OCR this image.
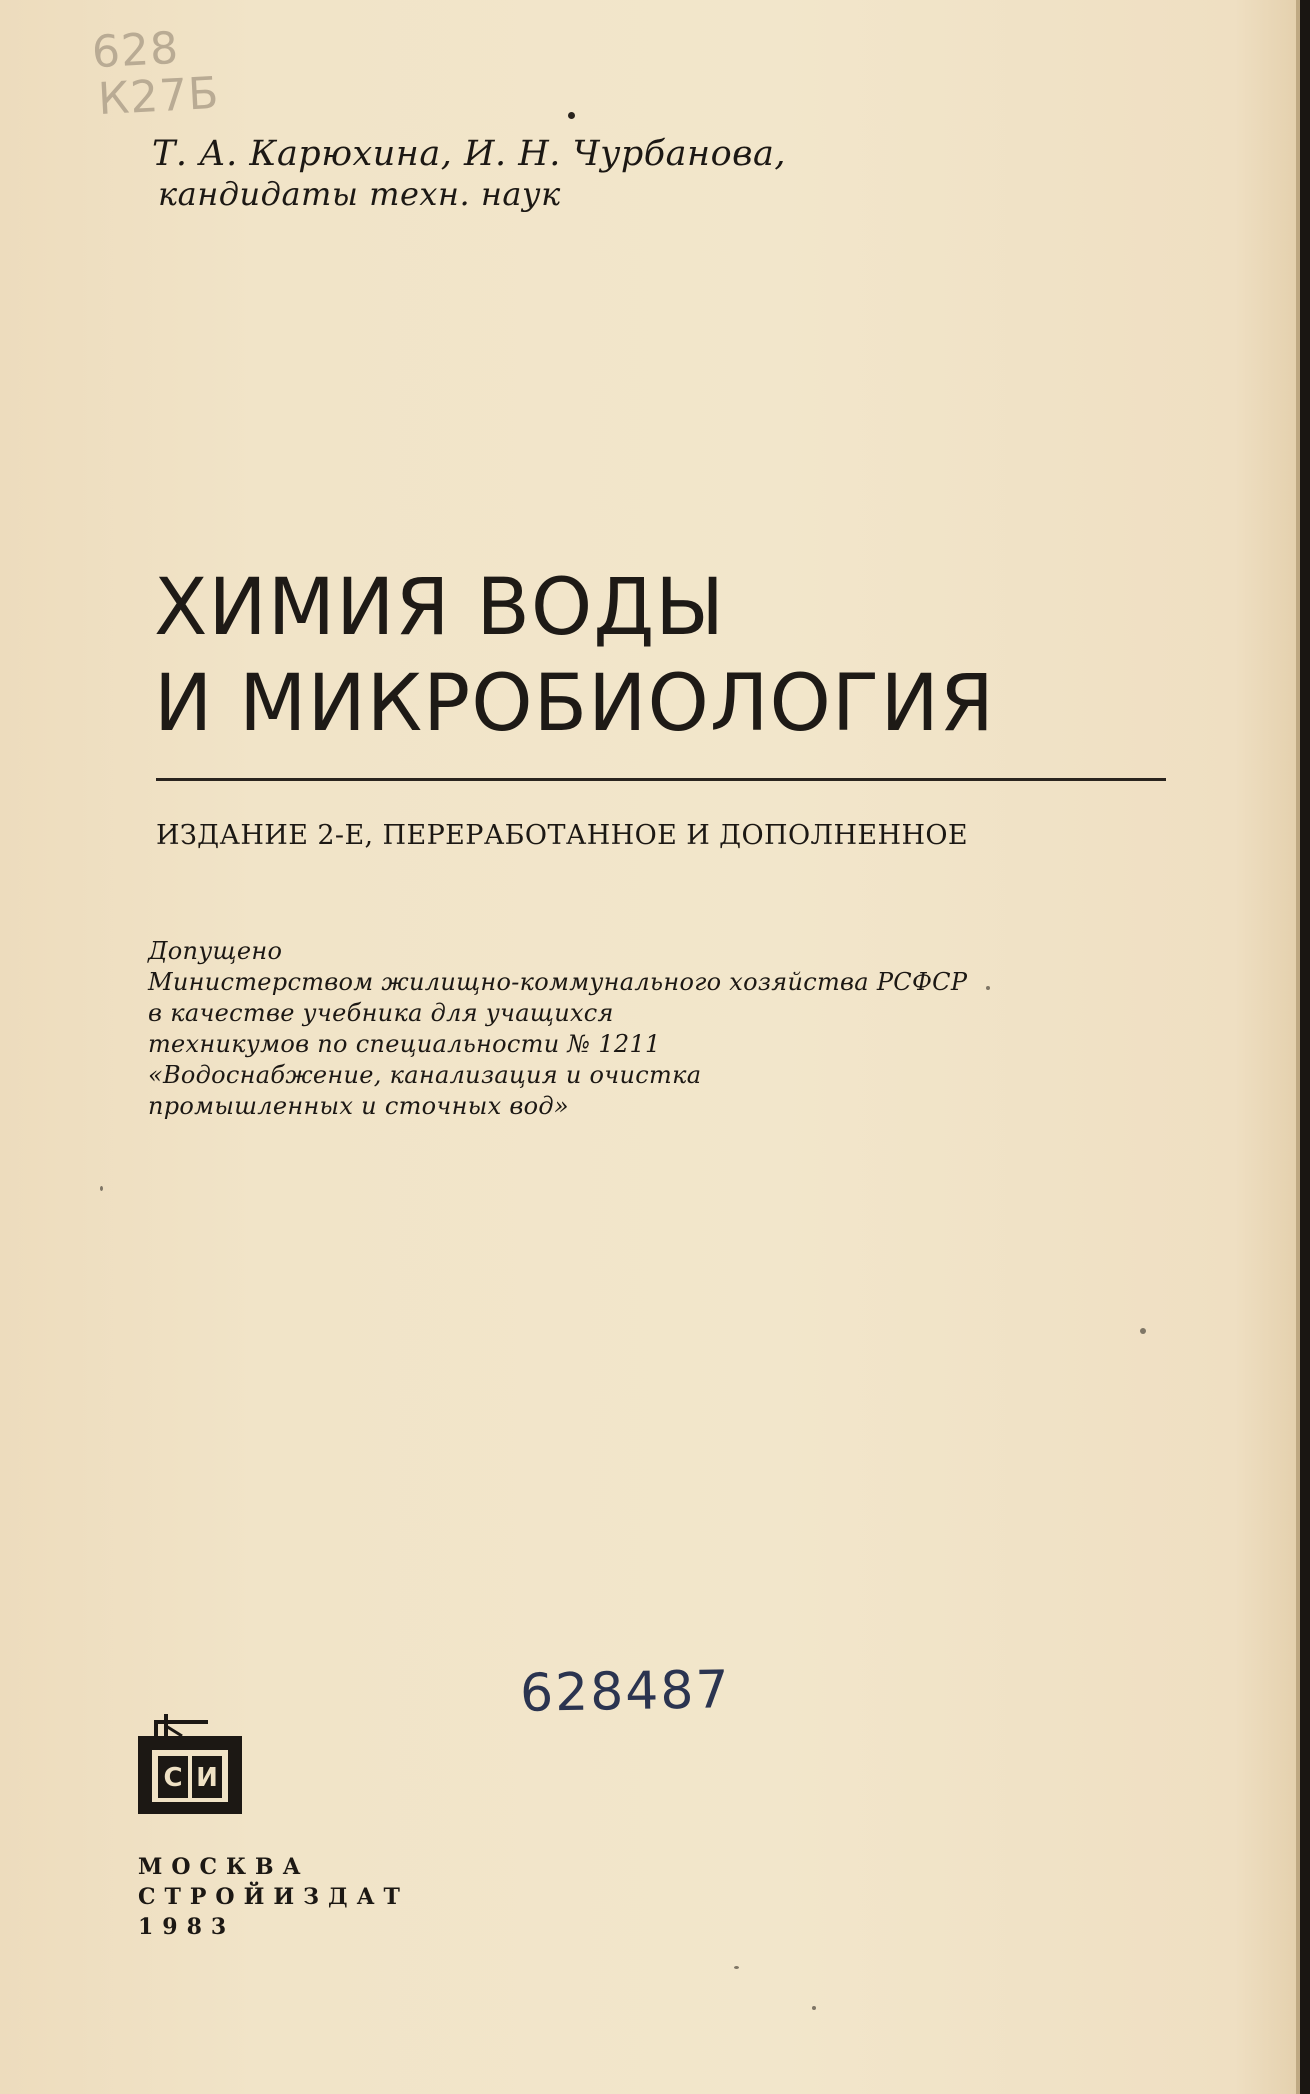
628
К27Б
Т. А. Карюхина, И. Н. Чурбанова,
кандидаты техн. наук
ХИМИЯ ВОДЫ
И МИКРОБИОЛОГИЯ
ИЗДАНИЕ 2-Е, ПЕРЕРАБОТАННОЕ И ДОПОЛНЕННОЕ
Допущено
Министерством жилищно-коммунального хозяйства РСФСР
в качестве учебника для учащихся
техникумов по специальности № 1211
«Водоснабжение, канализация и очистка
промышленных и сточных вод»
628487
С И
МОСКВА
СТРОЙИЗДАТ
1983
